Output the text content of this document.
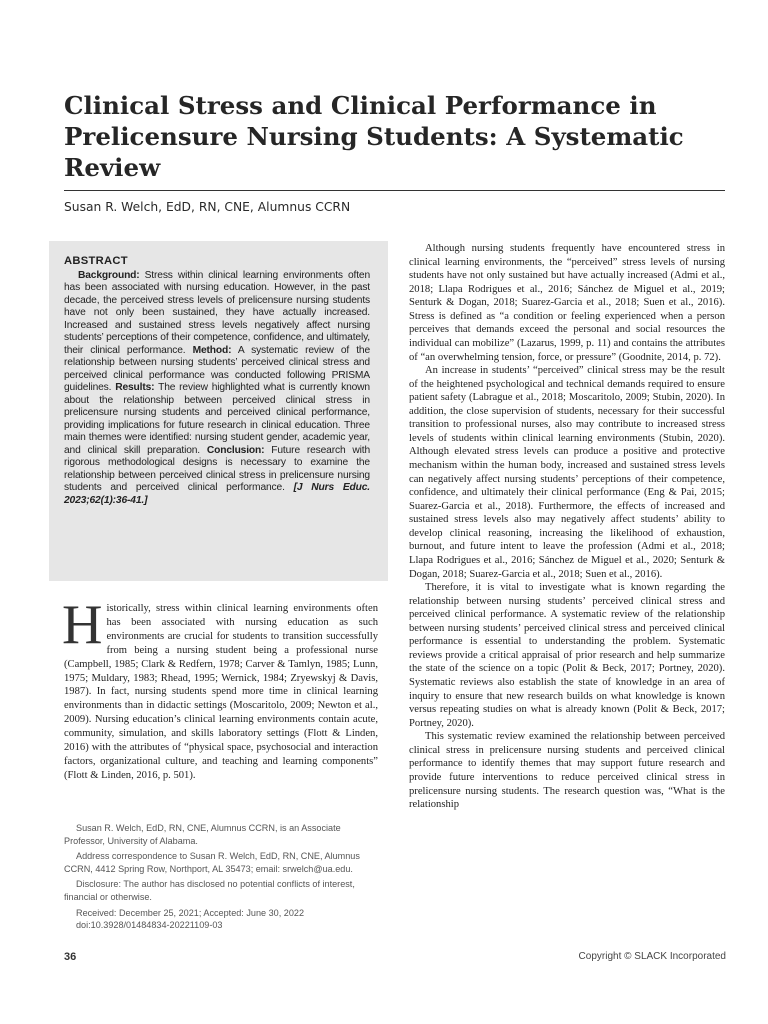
Clinical Stress and Clinical Performance in Prelicensure Nursing Students: A Systematic Review
Susan R. Welch, EdD, RN, CNE, Alumnus CCRN
ABSTRACT

Background: Stress within clinical learning environments often has been associated with nursing education. However, in the past decade, the perceived stress levels of prelicensure nursing students have not only been sustained, they have actually increased. Increased and sustained stress levels negatively affect nursing students’ perceptions of their competence, confidence, and ultimately, their clinical performance. Method: A systematic review of the relationship between nursing students’ perceived clinical stress and perceived clinical performance was conducted following PRISMA guidelines. Results: The review highlighted what is currently known about the relationship between perceived clinical stress in prelicensure nursing students and perceived clinical performance, providing implications for future research in clinical education. Three main themes were identified: nursing student gender, academic year, and clinical skill preparation. Conclusion: Future research with rigorous methodological designs is necessary to examine the relationship between perceived clinical stress in prelicensure nursing students and perceived clinical performance. [J Nurs Educ. 2023;62(1):36-41.]

Historically, stress within clinical learning environments often has been associated with nursing education as such environments are crucial for students to transition successfully from being a nursing student being a professional nurse (Campbell, 1985; Clark & Redfern, 1978; Carver & Tamlyn, 1985; Lunn, 1975; Muldary, 1983; Rhead, 1995; Wernick, 1984; Zryewskyj & Davis, 1987). In fact, nursing students spend more time in clinical learning environments than in didactic settings (Moscaritolo, 2009; Newton et al., 2009). Nursing education’s clinical learning environments contain acute, community, simulation, and skills laboratory settings (Flott & Linden, 2016) with the attributes of “physical space, psychosocial and interaction factors, organizational culture, and teaching and learning components” (Flott & Linden, 2016, p. 501).

Susan R. Welch, EdD, RN, CNE, Alumnus CCRN, is an Associate Professor, University of Alabama.

Address correspondence to Susan R. Welch, EdD, RN, CNE, Alumnus CCRN, 4412 Spring Row, Northport, AL 35473; email: srwelch@ua.edu.

Disclosure: The author has disclosed no potential conflicts of interest, financial or otherwise.

Received: December 25, 2021; Accepted: June 30, 2022

doi:10.3928/01484834-20221109-03

Although nursing students frequently have encountered stress in clinical learning environments, the “perceived” stress levels of nursing students have not only sustained but have actually increased (Admi et al., 2018; Llapa Rodrigues et al., 2016; Sánchez de Miguel et al., 2019; Senturk & Dogan, 2018; Suarez-Garcia et al., 2018; Suen et al., 2016). Stress is defined as “a condition or feeling experienced when a person perceives that demands exceed the personal and social resources the individual can mobilize” (Lazarus, 1999, p. 11) and contains the attributes of “an overwhelming tension, force, or pressure” (Goodnite, 2014, p. 72).

An increase in students’ “perceived” clinical stress may be the result of the heightened psychological and technical demands required to ensure patient safety (Labrague et al., 2018; Moscaritolo, 2009; Stubin, 2020). In addition, the close supervision of students, necessary for their successful transition to professional nurses, also may contribute to increased stress levels of students within clinical learning environments (Stubin, 2020). Although elevated stress levels can produce a positive and protective mechanism within the human body, increased and sustained stress levels can negatively affect nursing students’ perceptions of their competence, confidence, and ultimately their clinical performance (Eng & Pai, 2015; Suarez-Garcia et al., 2018). Furthermore, the effects of increased and sustained stress levels also may negatively affect students’ ability to develop clinical reasoning, increasing the likelihood of exhaustion, burnout, and future intent to leave the profession (Admi et al., 2018; Llapa Rodrigues et al., 2016; Sánchez de Miguel et al., 2020; Senturk & Dogan, 2018; Suarez-Garcia et al., 2018; Suen et al., 2016).

Therefore, it is vital to investigate what is known regarding the relationship between nursing students’ perceived clinical stress and perceived clinical performance. A systematic review of the relationship between nursing students’ perceived clinical stress and perceived clinical performance is essential to understanding the problem. Systematic reviews provide a critical appraisal of prior research and help summarize the state of the science on a topic (Polit & Beck, 2017; Portney, 2020). Systematic reviews also establish the state of knowledge in an area of inquiry to ensure that new research builds on what knowledge is known versus repeating studies on what is already known (Polit & Beck, 2017; Portney, 2020).

This systematic review examined the relationship between perceived clinical stress in prelicensure nursing students and perceived clinical performance to identify themes that may support future research and provide future interventions to reduce perceived clinical stress in prelicensure nursing students. The research question was, “What is the relationship

36	Copyright © SLACK Incorporated
